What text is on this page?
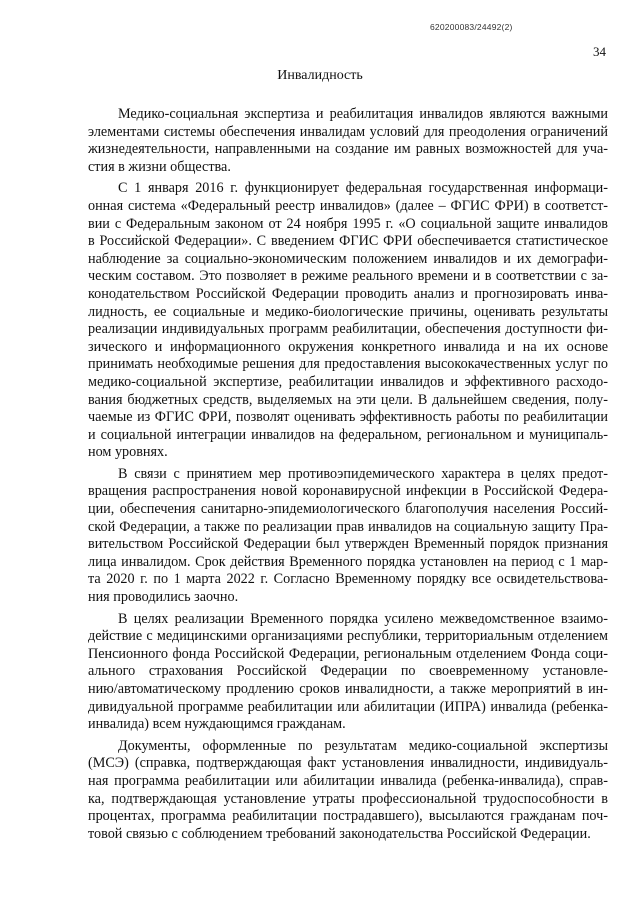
620200083/24492(2)
34
Инвалидность

Медико-социальная экспертиза и реабилитация инвалидов являются важными
элементами системы обеспечения инвалидам условий для преодоления ограничений
жизнедеятельности, направленными на создание им равных возможностей для уча-
стия в жизни общества.

С 1 января 2016 г. функционирует федеральная государственная информаци-
онная система «Федеральный реестр инвалидов» (далее – ФГИС ФРИ) в соответст-
вии с Федеральным законом от 24 ноября 1995 г. «О социальной защите инвалидов
в Российской Федерации». С введением ФГИС ФРИ обеспечивается статистическое
наблюдение за социально-экономическим положением инвалидов и их демографи-
ческим составом. Это позволяет в режиме реального времени и в соответствии с за-
конодательством Российской Федерации проводить анализ и прогнозировать инва-
лидность, ее социальные и медико-биологические причины, оценивать результаты
реализации индивидуальных программ реабилитации, обеспечения доступности фи-
зического и информационного окружения конкретного инвалида и на их основе
принимать необходимые решения для предоставления высококачественных услуг по
медико-социальной экспертизе, реабилитации инвалидов и эффективного расходо-
вания бюджетных средств, выделяемых на эти цели. В дальнейшем сведения, полу-
чаемые из ФГИС ФРИ, позволят оценивать эффективность работы по реабилитации
и социальной интеграции инвалидов на федеральном, региональном и муниципаль-
ном уровнях.

В связи с принятием мер противоэпидемического характера в целях предот-
вращения распространения новой коронавирусной инфекции в Российской Федера-
ции, обеспечения санитарно-эпидемиологического благополучия населения Россий-
ской Федерации, а также по реализации прав инвалидов на социальную защиту Пра-
вительством Российской Федерации был утвержден Временный порядок признания
лица инвалидом. Срок действия Временного порядка установлен на период с 1 мар-
та 2020 г. по 1 марта 2022 г. Согласно Временному порядку все освидетельствова-
ния проводились заочно.

В целях реализации Временного порядка усилено межведомственное взаимо-
действие с медицинскими организациями республики, территориальным отделением
Пенсионного фонда Российской Федерации, региональным отделением Фонда соци-
ального страхования Российской Федерации по своевременному установле-
нию/автоматическому продлению сроков инвалидности, а также мероприятий в ин-
дивидуальной программе реабилитации или абилитации (ИПРА) инвалида (ребенка-
инвалида) всем нуждающимся гражданам.

Документы, оформленные по результатам медико-социальной экспертизы
(МСЭ) (справка, подтверждающая факт установления инвалидности, индивидуаль-
ная программа реабилитации или абилитации инвалида (ребенка-инвалида), справ-
ка, подтверждающая установление утраты профессиональной трудоспособности в
процентах, программа реабилитации пострадавшего), высылаются гражданам поч-
товой связью с соблюдением требований законодательства Российской Федерации.
